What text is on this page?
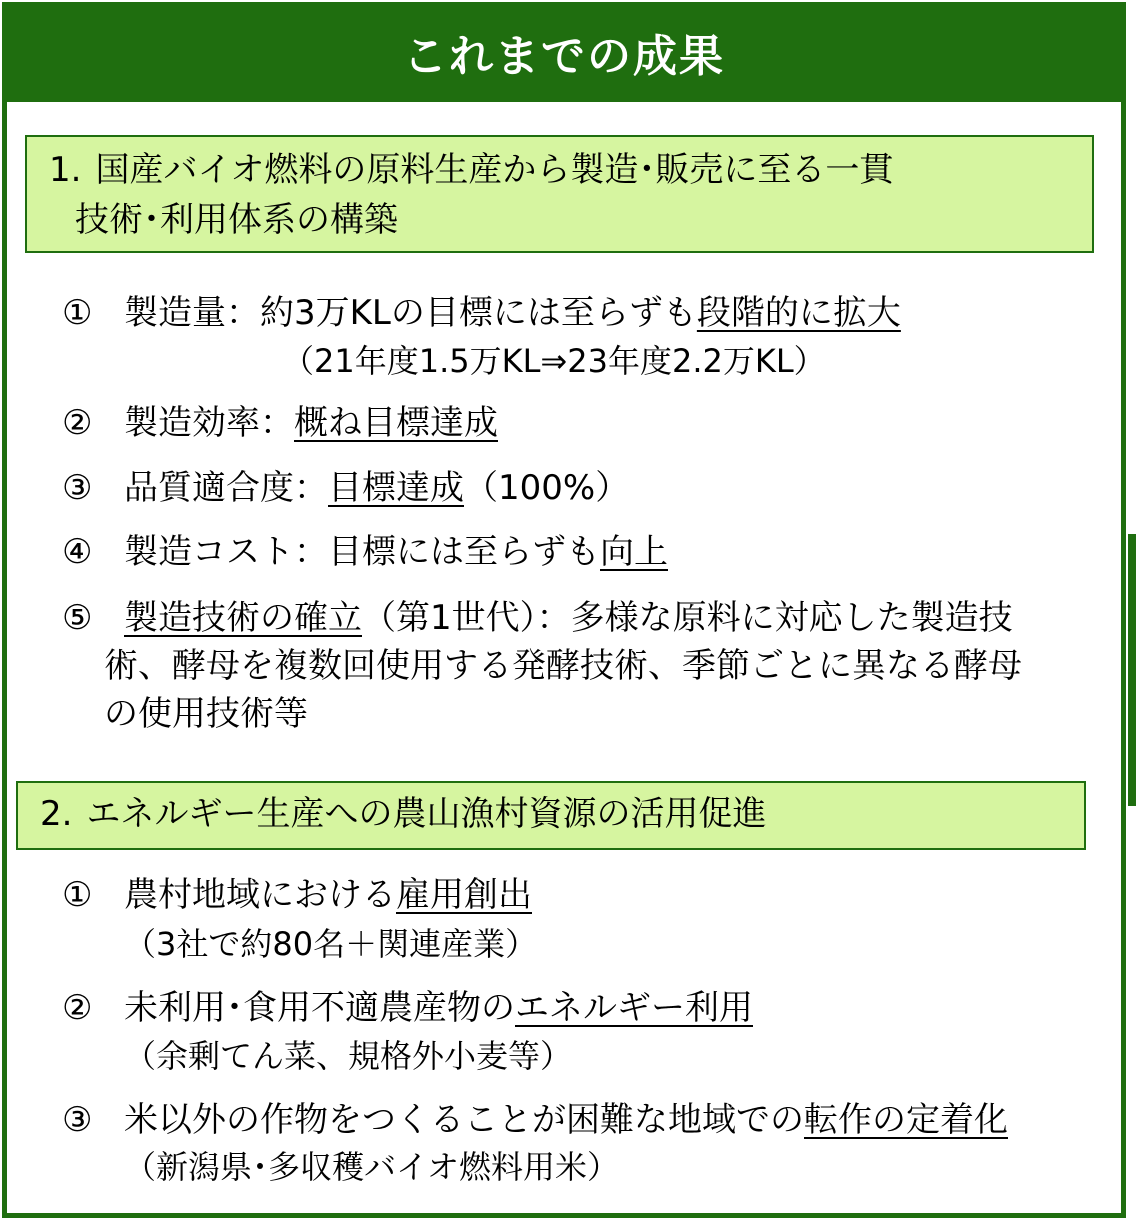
これまでの成果
1. 国産バイオ燃料の原料生産から製造･販売に至る一貫
技術･利用体系の構築
① 製造量：約3万KLの目標には至らずも段階的に拡大
（21年度1.5万KL⇒23年度2.2万KL）
② 製造効率：概ね目標達成
③ 品質適合度：目標達成（100%）
④ 製造コスト：目標には至らずも向上
⑤ 製造技術の確立（第1世代）：多様な原料に対応した製造技
術、酵母を複数回使用する発酵技術、季節ごとに異なる酵母
の使用技術等
2. エネルギー生産への農山漁村資源の活用促進
① 農村地域における雇用創出
（3社で約80名＋関連産業）
② 未利用･食用不適農産物のエネルギー利用
（余剰てん菜、規格外小麦等）
③ 米以外の作物をつくることが困難な地域での転作の定着化
（新潟県･多収穫バイオ燃料用米）
